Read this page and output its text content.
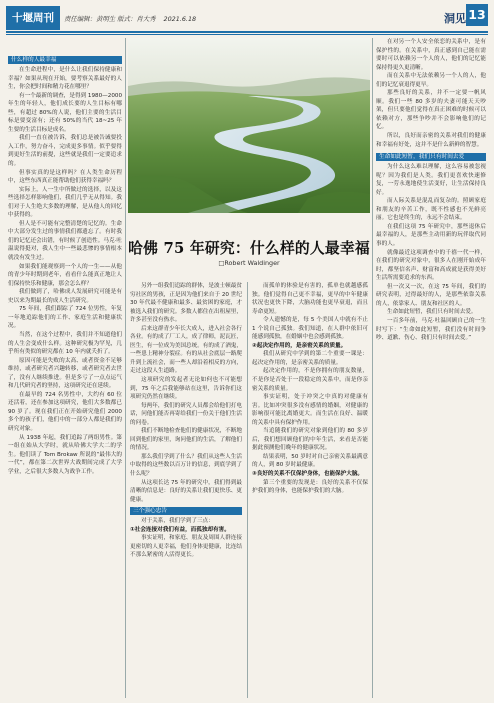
十堰周刊	责任编辑：黄明生 版式：肖大秀 2021.6.18	洞见 13
什么样的人最幸福

在生命进程中，是什么让我们保持健康和幸福？如果从现在开始，要考察关系最好的人生，你会把时间和精力花在哪里？

有一个最新的调查，是得到 1980—2000年生的年轻人，他们成长要的人生目标有哪些，有超过 80%的人说，他们主要的生活目标是要变富有；还有 50%的当代 18~25 年生要的生活目标是成名。

我们一直在被告诉，我们总是被告诫要投入工作，努力奋斗，完成更多事情。似乎要得到更好生活的前提，这些就是我们一定要追求的。

但事实真的是这样吗？在人类生命历程中，这些东西真正能帮助他们获得幸福吗？

实际上，人一生中所做过的选择，以及这些选择怎样影响他们，我们几乎无从得知。我们对于人生绝大多数的理解，是从他人的回忆中获得的。

但人是不可能有完整清楚的记忆的。生命中大部分发生过的事情我们都遗忘了。有时我们的记忆还会出错，有时候了创造性。马克·吐温说得挺对，我人生中一些最悲惨的事情根本就没有发生过。

如果我们能观察到一个人的一生——从他的青少年时期到老年，看看什么能真正地让人们保持快乐和健康，那会怎么样？

我们做到了，哈佛成人发展研究可能是有史以来为期最长的成人生活研究。

75 年间，我们跟踪了 724 位男性，年复一年地追踪他们的工作、家庭生活和健康状况。

当然，在这个过程中，我们并不知道他们的人生会变成什么样。这种研究极为罕见，几乎所有类似的研究都在 10 年内就夭折了。

原因可能是失败的太高、或者资金不足够维持，或者研究者兴趣转移，或者研究者去世了，没有人继续推进。但是多亏了一点点运气和几代研究者的坚持，这项研究还在延续。

在最早的 724 名男性中，大约有 60 位还活着，还在参加这项研究，他们大多数都已 90 岁了。现在我们正在开始研究他们 2000 多个的孩子们，他们中的一部分人都是我们的研究对象。

从 1938 年起，我们追踪了两组男性。第一组在始从大学时，就从哈佛大学大二的学生。他们读了 Tom Brokaw 所说的“最伟大的一代”，都在第二次世界大战期间完成了大学学业，之后很大多数人为战争工作。

哈佛 75 年研究：什么样的人最幸福
□Robert Waldinger

另外一组我们追踪的群体，是波士顿最贫穷社区的男孩，正是因为他们来自于 20 世纪 30 年代最不健康和最多、最贫困的家庭，才被选入我们的研究。多数人都住在出租屋里，许多甚至没有热水。

后来这群青少年长大成人，进入社会各行各业。有的成了厂工人，成了律师，泥瓦匠，医生，有一位成为美国总统。有的成了酒鬼，一些患上精神分裂症。有的从社会底层一路爬升到上流社会，而一些人却沿着相反的方向，走过这段人生道路。

这项研究的发起者无论如何也不可能想到，75 年之后我能够站在这里，告诉你们这项研究仍然在继续。

每两年，我们的研究人员都会给他们打电话，问他们能否再寄给我们一份关于他们生活的问卷。

我们不断地检查他们的健康状况，不断地回到他们的家里，询问他们的生活，了解他们的情况。

那么我们学到了什么？我们从这些人生活中取得的这些数以百万计的信息，到底学到了什么呢？

从这项长达 75 年的研究中，我们得到最清晰的信息是：良好的关系让我们更快乐、更健康。

三个强心忠告

对于关系，我们学到了三点：

①社会连接对我们有益，而孤独却有害。

事实证明，和家庭、朋友及周围人群连接更密切的人更幸福，他们身体更健康，比连结不那么紧密的人活得更长。

而孤单的体验是有害的，孤单也就越感孤独。他们觉得自己更不幸福，更早的中年健康状况也更快下降，大脑功能也更早衰退，而且寿命更短。

令人遗憾的是，每 5 个美国人中就有不止 1 个说自己孤独。我们知道，在人群中依旧可能感到孤独，在婚姻中也会感到孤独。

②起决定作用的，是亲密关系的质量。

我们从研究中学到的第二个重要一课是：起决定作用的，是亲密关系的质量。

起决定作用的，不是你拥有的朋友数量，不是你是否处于一段稳定的关系中，而是你亲密关系的质量。

事实证明，处于冲突之中真的对健康有害。比如冲突很多没有感情的婚姻，对健康的影响很可能比离婚更大。而生活在良好、温暖的关系中具有保护作用。

当追随我们的研究对象到他们的 80 多岁后，我们想回顾他们的中年生活，来看是否能据此预测他们晚年的健康状况。

结果表明，50 岁时对自己亲密关系最满意的人，到 80 岁时最健康。

③良好的关系不仅保护身体，也能保护大脑。

第三个重要的发现是：良好的关系不仅保护我们的身体，也能保护我们的大脑。

在对另一个人安全依恋的关系中，是有保护性的。在关系中，真正感到自己能在需要时可以依赖另一个人的人，他们的记忆能保持得更久更清晰。

而在关系中无法依赖另一个人的人，他们的记忆衰退得更早。

那些良好的关系，并不一定要一帆风顺。我们一些 80 多岁的夫妻可能天天吵架，但只要他们觉得在真正困难的时候可以依赖对方，那些争吵并不会影响他们的记忆。

所以，良好而亲密的关系对我们的健康和幸福有好处，这并不是什么新鲜的智慧。

生命如此短暂，我们只有时间去爱

为什么这么难以理解，这么容易被忽视呢？因为我们是人类。我们更喜欢快速修复，一劳永逸地使生活变好，让生活保持良好。

而人际关系是混乱而复杂的。照顾家庭和朋友的辛苦工作，既不性感也不光鲜亮丽。它也是终生的，永远不会结束。

在我们这项 75 年研究中，那些退休后最幸福的人，是那些主动用新的玩伴取代同事的人。

就像最近这项调查中的千禧一代一样，在我们的研究对象中，很多人在刚开始成年时，都坚信名声、财富和高成就是获得美好生活所需要追求的东西。

但一次又一次，在这 75 年间，我们的研究表明，过得最好的人，是那些依靠关系的人，依靠家人、朋友和社区的人。

生命如此短暂，我们只有时间去爱。

一百多年前，马克·吐温回顾自己的一生时写下：“生命如此短暂，我们没有时间争吵、道歉、伤心、我们只有时间去爱。”
